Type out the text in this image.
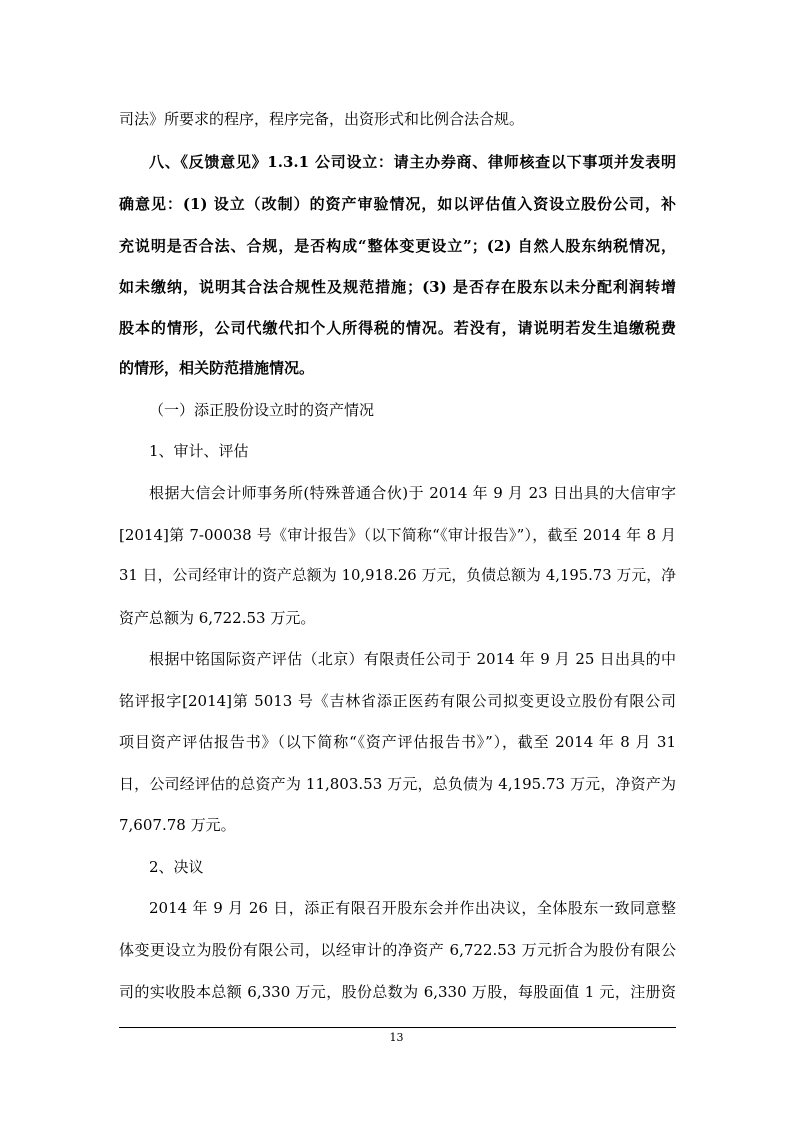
司法》所要求的程序，程序完备，出资形式和比例合法合规。
八、《反馈意见》1.3.1 公司设立：请主办券商、律师核查以下事项并发表明
确意见：(1) 设立（改制）的资产审验情况，如以评估值入资设立股份公司，补
充说明是否合法、合规，是否构成“整体变更设立”；(2) 自然人股东纳税情况，
如未缴纳，说明其合法合规性及规范措施；(3) 是否存在股东以未分配利润转增
股本的情形，公司代缴代扣个人所得税的情况。若没有，请说明若发生追缴税费
的情形，相关防范措施情况。
（一）添正股份设立时的资产情况
1、审计、评估
根据大信会计师事务所(特殊普通合伙)于 2014 年 9 月 23 日出具的大信审字
[2014]第 7-00038 号《审计报告》（以下简称“《审计报告》”），截至 2014 年 8 月
31 日，公司经审计的资产总额为 10,918.26 万元，负债总额为 4,195.73 万元，净
资产总额为 6,722.53 万元。
根据中铭国际资产评估（北京）有限责任公司于 2014 年 9 月 25 日出具的中
铭评报字[2014]第 5013 号《吉林省添正医药有限公司拟变更设立股份有限公司
项目资产评估报告书》（以下简称“《资产评估报告书》”），截至 2014 年 8 月 31
日，公司经评估的总资产为 11,803.53 万元，总负债为 4,195.73 万元，净资产为
7,607.78 万元。
2、决议
2014 年 9 月 26 日，添正有限召开股东会并作出决议，全体股东一致同意整
体变更设立为股份有限公司，以经审计的净资产 6,722.53 万元折合为股份有限公
司的实收股本总额 6,330 万元，股份总数为 6,330 万股，每股面值 1 元，注册资
13
